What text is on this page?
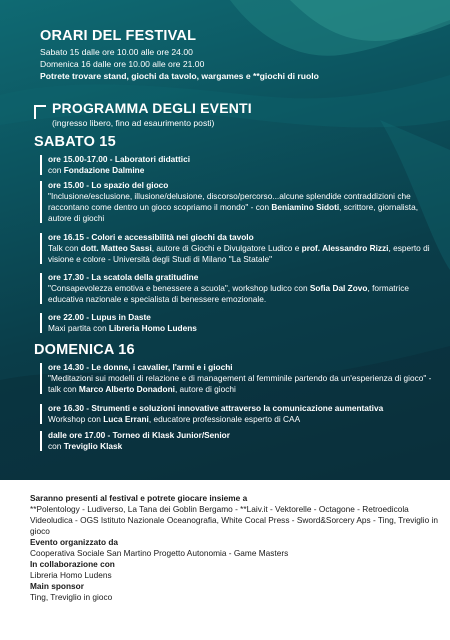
ORARI DEL FESTIVAL
Sabato 15 dalle ore 10.00 alle ore 24.00
Domenica 16 dalle ore 10.00 alle ore 21.00
Potrete trovare stand, giochi da tavolo, wargames e **giochi di ruolo
PROGRAMMA DEGLI EVENTI
(ingresso libero, fino ad esaurimento posti)
SABATO 15
ore 15.00-17.00 - Laboratori didattici
con Fondazione Dalmine
ore 15.00 - Lo spazio del gioco
"Inclusione/esclusione, illusione/delusione, discorso/percorso...alcune splendide contraddizioni che raccontano come dentro un gioco scopriamo il mondo" - con Beniamino Sidoti, scrittore, giornalista, autore di giochi
ore 16.15 - Colori e accessibilità nei giochi da tavolo
Talk con dott. Matteo Sassi, autore di Giochi e Divulgatore Ludico e prof. Alessandro Rizzi, esperto di visione e colore - Università degli Studi di Milano "La Statale"
ore 17.30 - La scatola della gratitudine
"Consapevolezza emotiva e benessere a scuola", workshop ludico con Sofia Dal Zovo, formatrice educativa nazionale e specialista di benessere emozionale.
ore 22.00 - Lupus in Daste
Maxi partita con Libreria Homo Ludens
DOMENICA 16
ore 14.30 - Le donne, i cavalier, l'armi e i giochi
"Meditazioni sui modelli di relazione e di management al femminile partendo da un'esperienza di gioco" - talk con Marco Alberto Donadoni, autore di giochi
ore 16.30 - Strumenti e soluzioni innovative attraverso la comunicazione aumentativa
Workshop con Luca Errani, educatore professionale esperto di CAA
dalle ore 17.00 - Torneo di Klask Junior/Senior
con Treviglio Klask
Saranno presenti al festival e potrete giocare insieme a
**Polentology - Ludiverso, La Tana dei Goblin Bergamo - **Laiv.it - Vektorelle - Octagone - Retroedicola Videoludica - OGS Istituto Nazionale Oceanografia, White Cocal Press - Sword&Sorcery Aps - Ting, Treviglio in gioco
Evento organizzato da
Cooperativa Sociale San Martino Progetto Autonomia - Game Masters
In collaborazione con
Libreria Homo Ludens
Main sponsor
Ting, Treviglio in gioco
